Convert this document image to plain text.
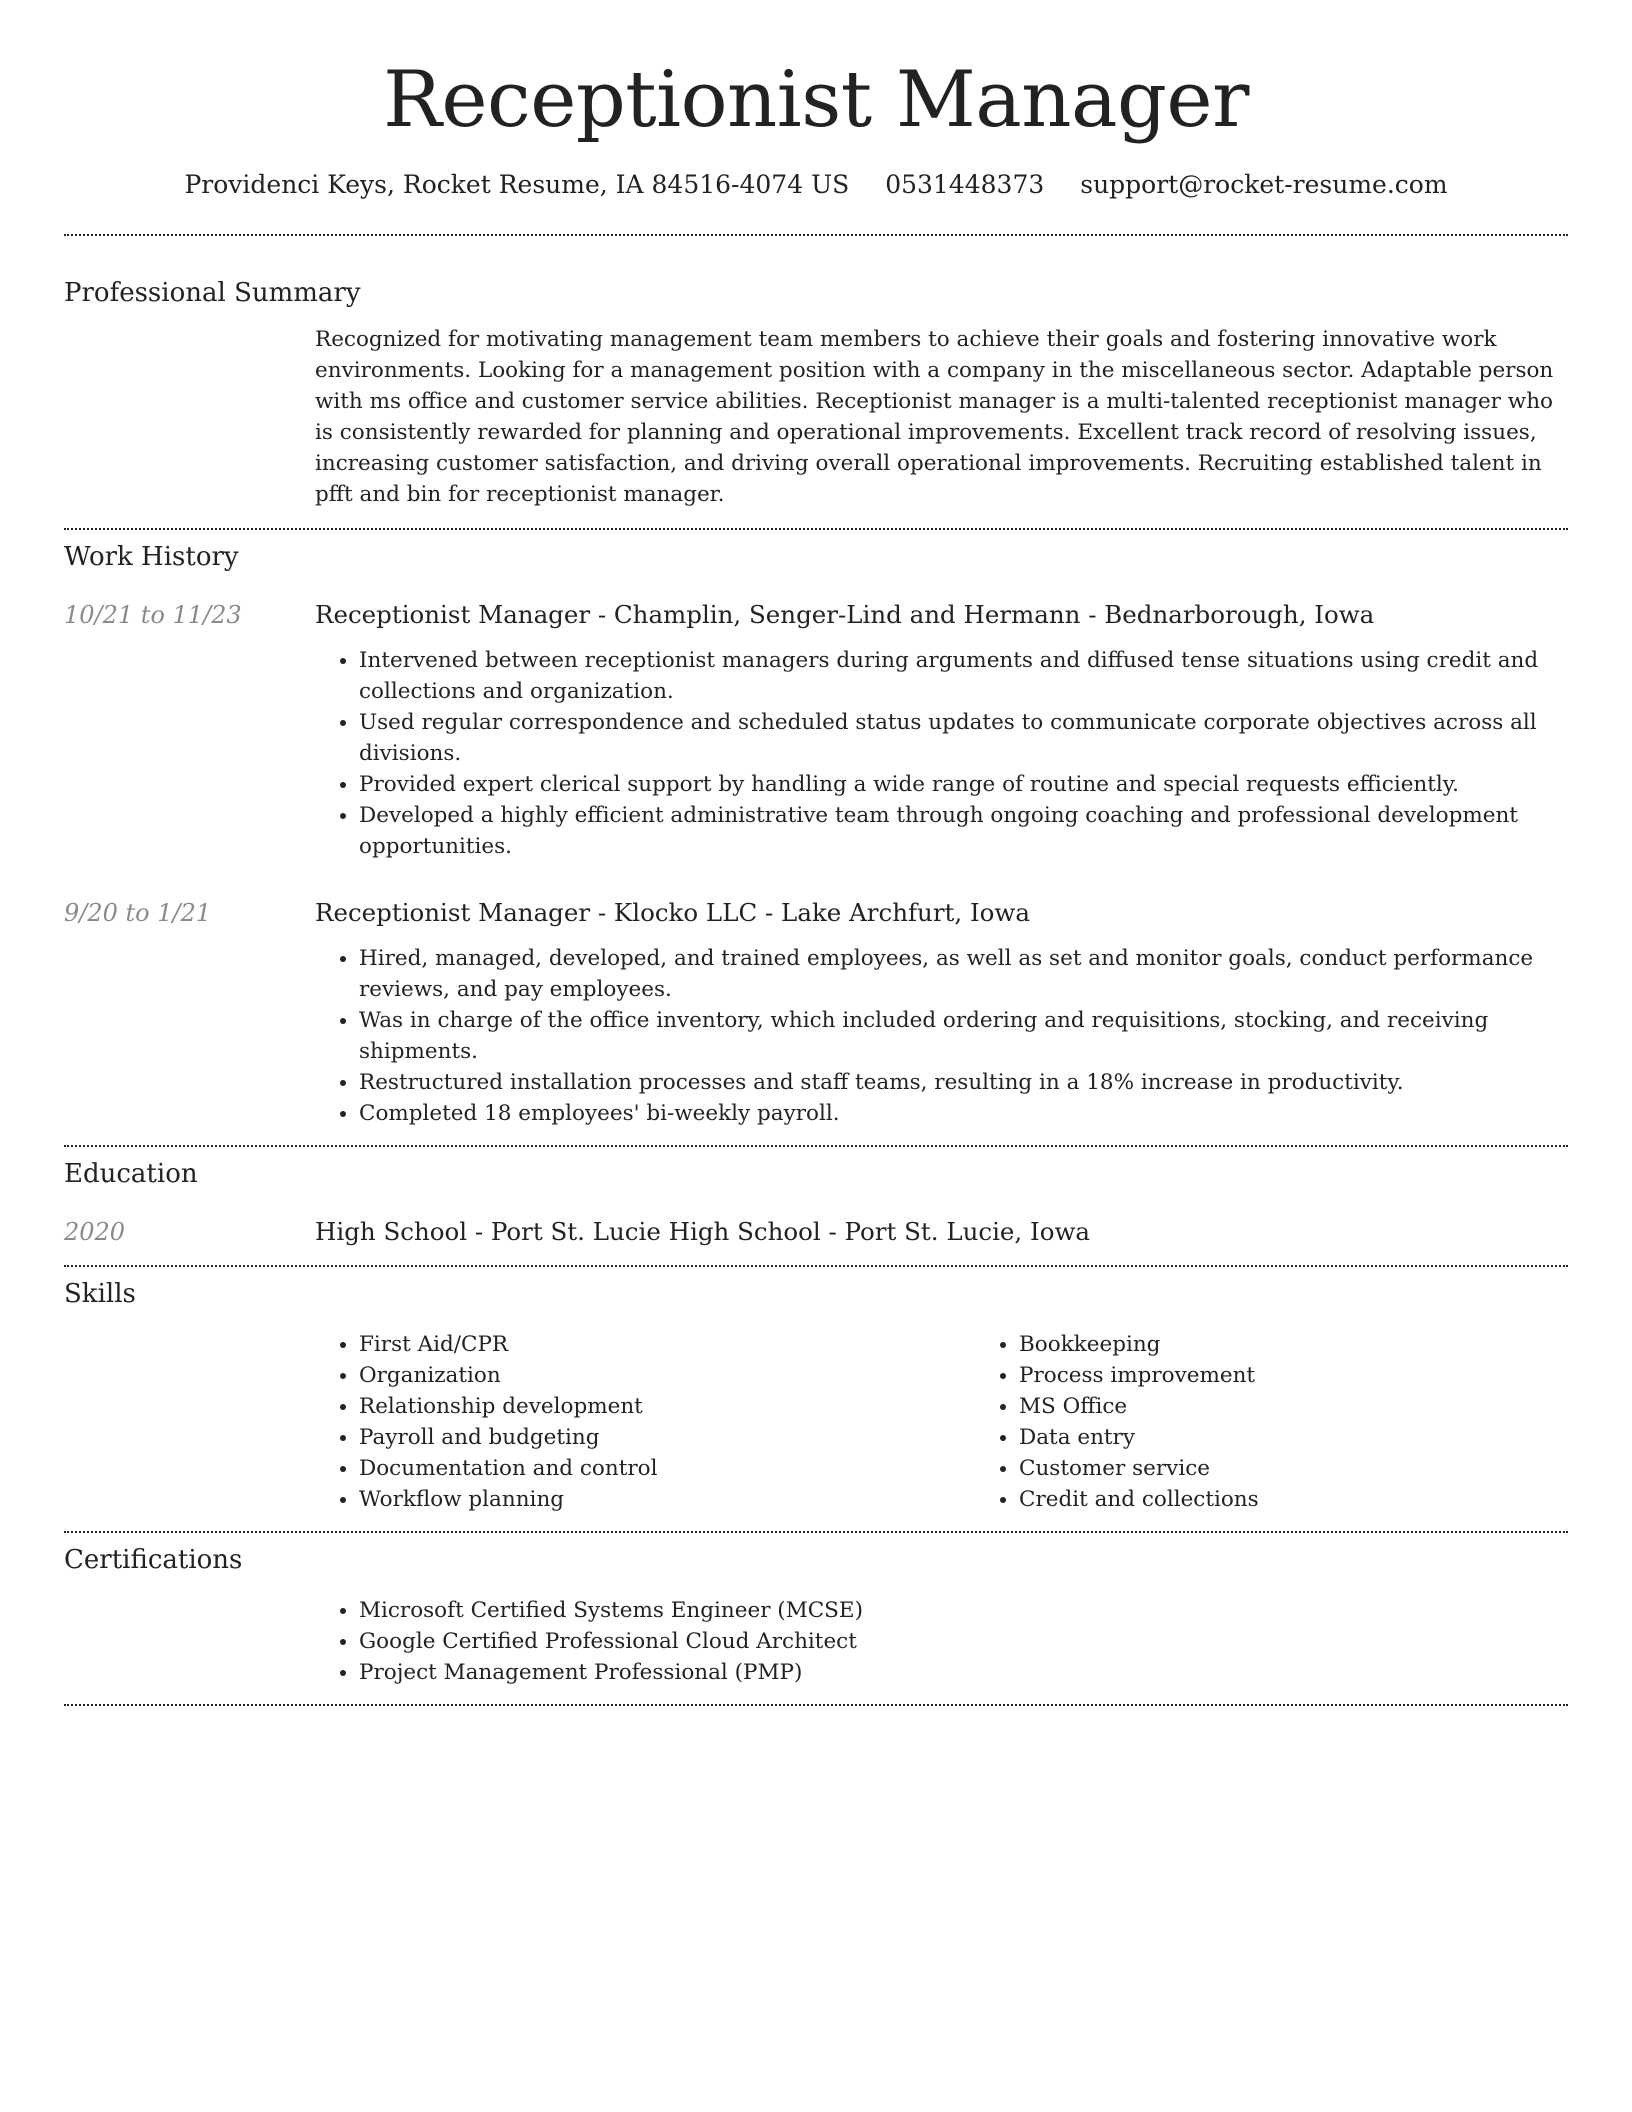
Receptionist Manager
Providenci Keys, Rocket Resume, IA 84516-4074 US 0531448373 support@rocket-resume.com
Professional Summary

Recognized for motivating management team members to achieve their goals and fostering innovative work environments. Looking for a management position with a company in the miscellaneous sector. Adaptable person with ms office and customer service abilities. Receptionist manager is a multi-talented receptionist manager who is consistently rewarded for planning and operational improvements. Excellent track record of resolving issues, increasing customer satisfaction, and driving overall operational improvements. Recruiting established talent in pfft and bin for receptionist manager.

Work History
10/21 to 11/23	Receptionist Manager - Champlin, Senger-Lind and Hermann - Bednarborough, Iowa
• Intervened between receptionist managers during arguments and diffused tense situations using credit and collections and organization.
• Used regular correspondence and scheduled status updates to communicate corporate objectives across all divisions.
• Provided expert clerical support by handling a wide range of routine and special requests efficiently.
• Developed a highly efficient administrative team through ongoing coaching and professional development opportunities.
9/20 to 1/21	Receptionist Manager - Klocko LLC - Lake Archfurt, Iowa
• Hired, managed, developed, and trained employees, as well as set and monitor goals, conduct performance reviews, and pay employees.
• Was in charge of the office inventory, which included ordering and requisitions, stocking, and receiving shipments.
• Restructured installation processes and staff teams, resulting in a 18% increase in productivity.
• Completed 18 employees' bi-weekly payroll.
Education
2020	High School - Port St. Lucie High School - Port St. Lucie, Iowa
Skills
• First Aid/CPR
• Organization
• Relationship development
• Payroll and budgeting
• Documentation and control
• Workflow planning
• Bookkeeping
• Process improvement
• MS Office
• Data entry
• Customer service
• Credit and collections
Certifications
• Microsoft Certified Systems Engineer (MCSE)
• Google Certified Professional Cloud Architect
• Project Management Professional (PMP)
